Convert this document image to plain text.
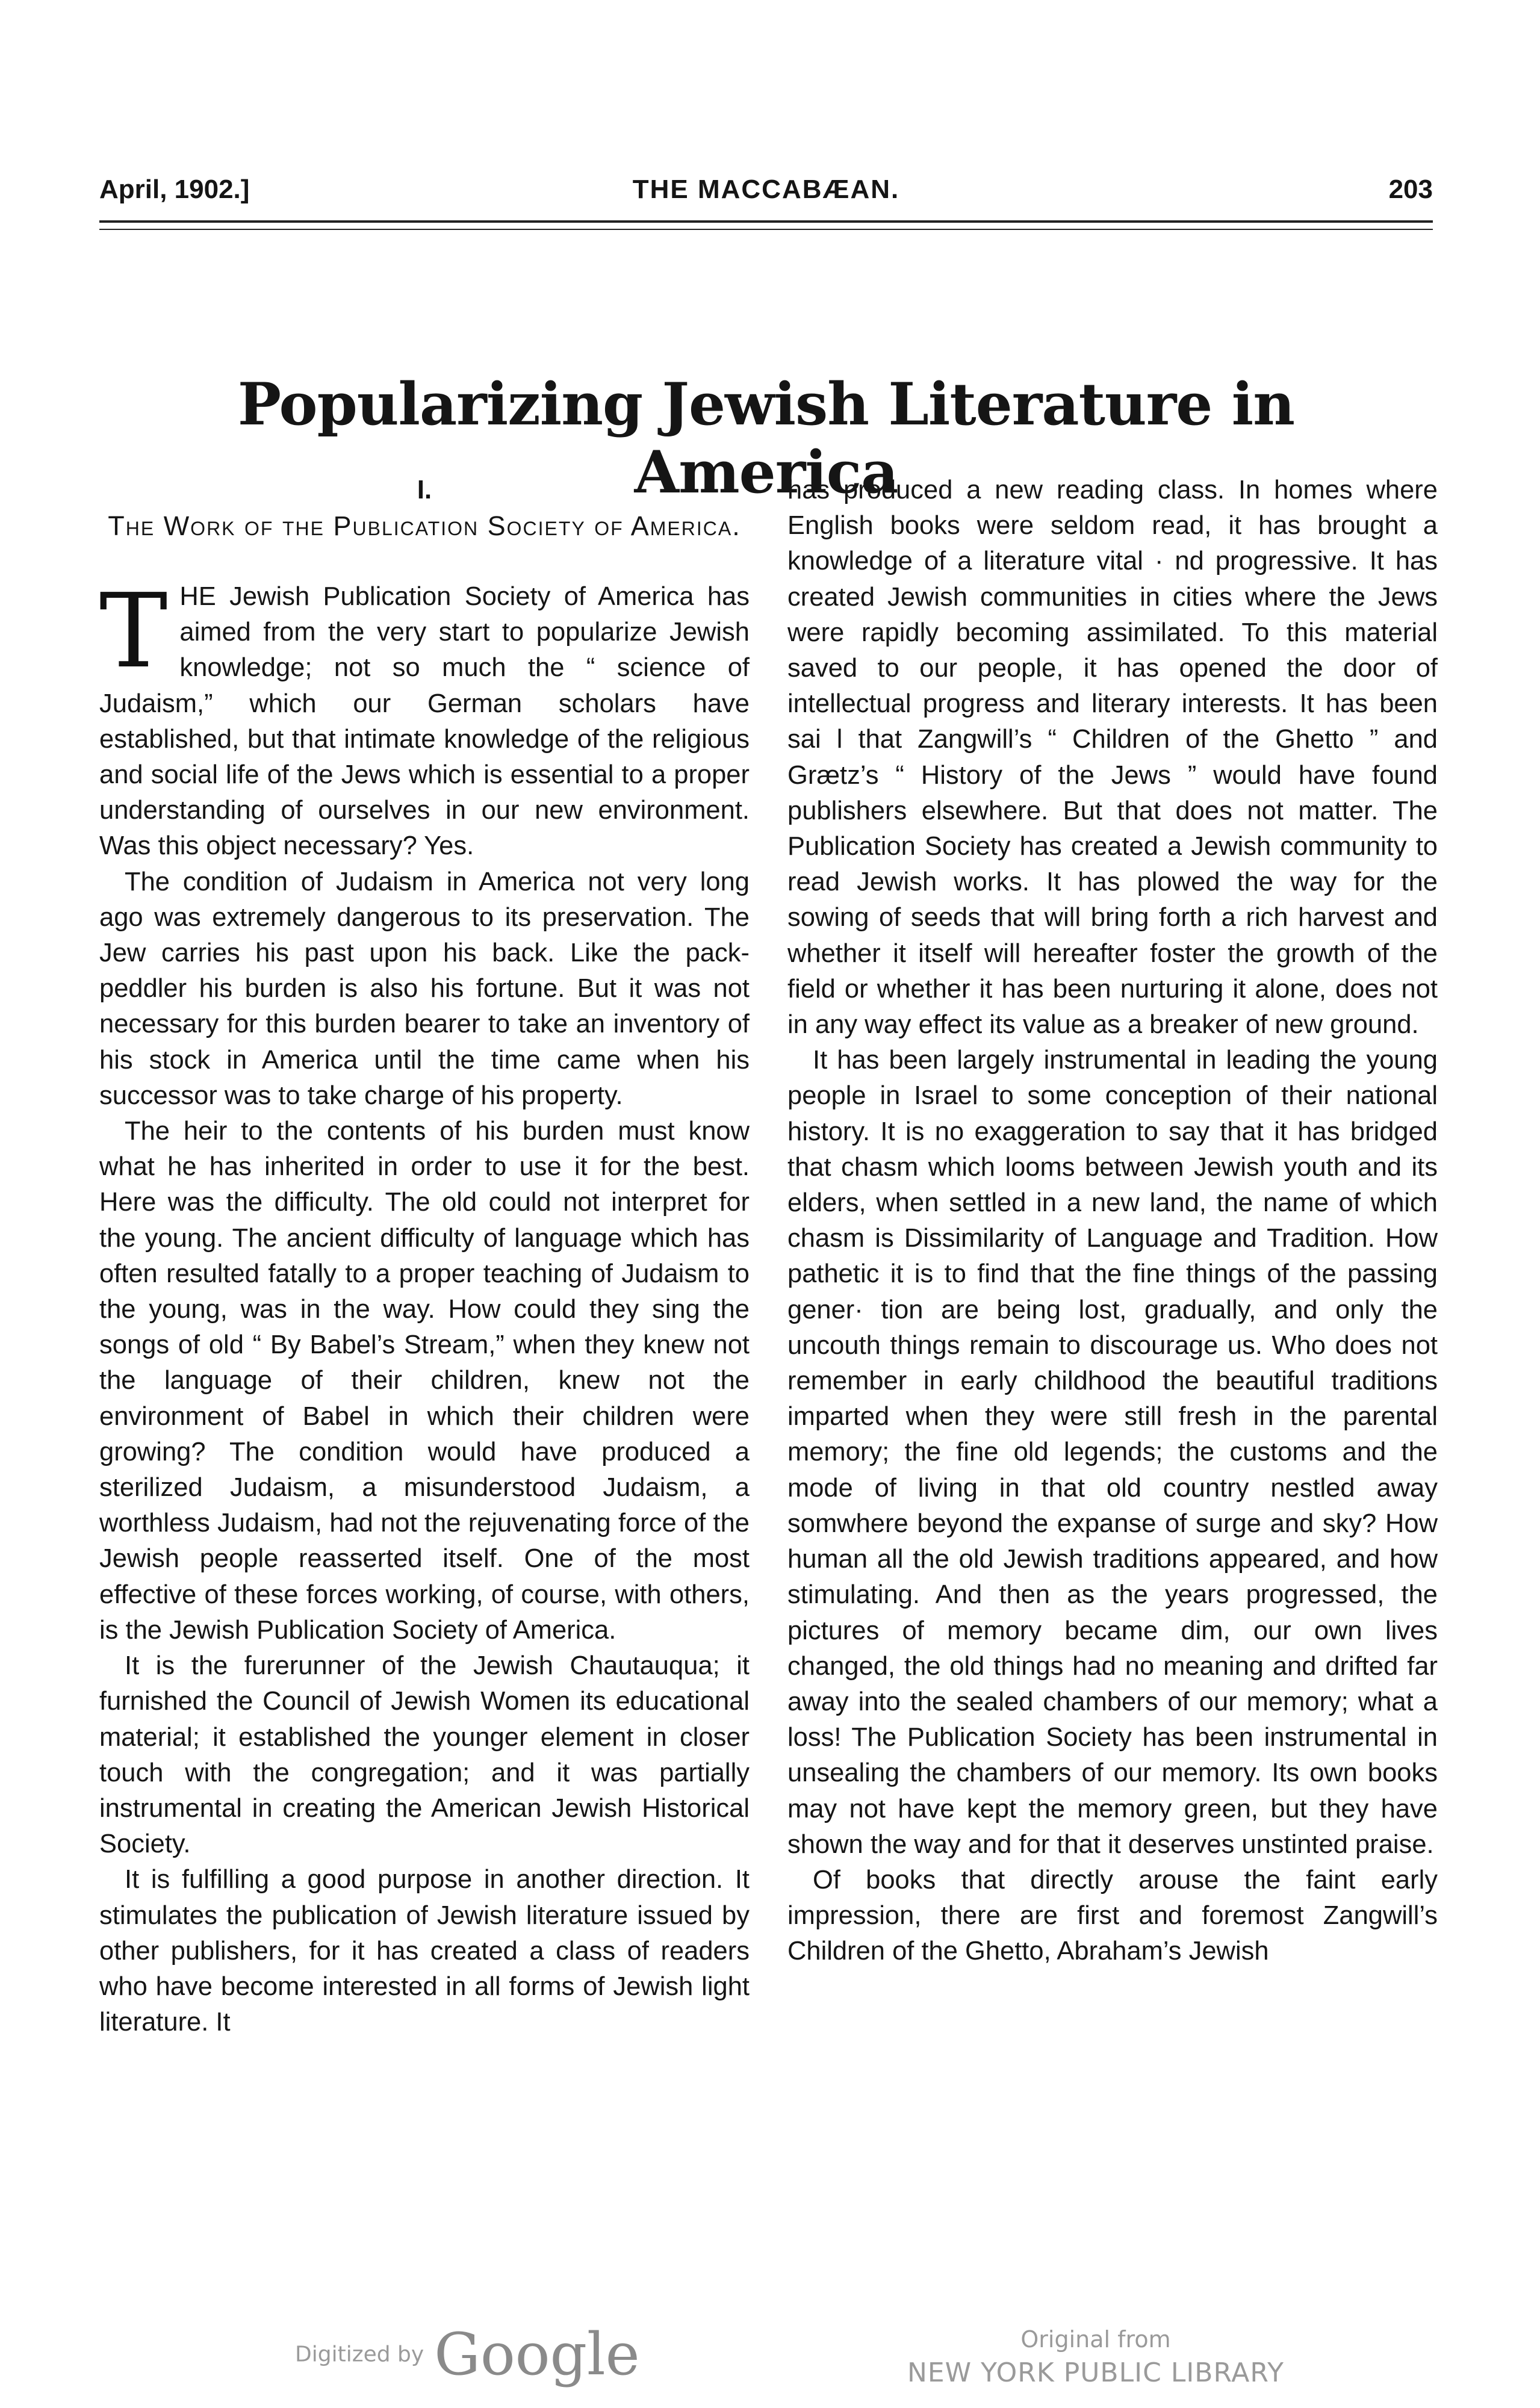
April, 1902.]	THE MACCABÆAN.	203
Popularizing Jewish Literature in America

I.

The Work of the Publication Society of America.

T HE Jewish Publication Society of America has aimed from the very start to popularize Jewish knowledge; not so much the “ science of Judaism,” which our German scholars have established, but that intimate knowledge of the religious and social life of the Jews which is essential to a proper understanding of ourselves in our new environment. Was this object necessary? Yes.

The condition of Judaism in America not very long ago was extremely dangerous to its preservation. The Jew carries his past upon his back. Like the pack-peddler his burden is also his fortune. But it was not necessary for this burden bearer to take an inventory of his stock in America until the time came when his successor was to take charge of his property.

The heir to the contents of his burden must know what he has inherited in order to use it for the best. Here was the difficulty. The old could not interpret for the young. The ancient difficulty of language which has often resulted fatally to a proper teaching of Judaism to the young, was in the way. How could they sing the songs of old “ By Babel’s Stream,” when they knew not the language of their children, knew not the environment of Babel in which their children were growing? The condition would have produced a sterilized Judaism, a misunderstood Judaism, a worthless Judaism, had not the rejuvenating force of the Jewish people reasserted itself. One of the most effective of these forces working, of course, with others, is the Jewish Publication Society of America.

It is the furerunner of the Jewish Chautauqua; it furnished the Council of Jewish Women its educational material; it established the younger element in closer touch with the congregation; and it was partially instrumental in creating the American Jewish Historical Society.

It is fulfilling a good purpose in another direction. It stimulates the publication of Jewish literature issued by other publishers, for it has created a class of readers who have become interested in all forms of Jewish light literature. It

has produced a new reading class. In homes where English books were seldom read, it has brought a knowledge of a literature vital · nd progressive. It has created Jewish communities in cities where the Jews were rapidly becoming assimilated. To this material saved to our people, it has opened the door of intellectual progress and literary interests. It has been sai l that Zangwill’s “ Children of the Ghetto ” and Grætz’s “ History of the Jews ” would have found publishers elsewhere. But that does not matter. The Publication Society has created a Jewish community to read Jewish works. It has plowed the way for the sowing of seeds that will bring forth a rich harvest and whether it itself will hereafter foster the growth of the field or whether it has been nurturing it alone, does not in any way effect its value as a breaker of new ground.

It has been largely instrumental in leading the young people in Israel to some conception of their national history. It is no exaggeration to say that it has bridged that chasm which looms between Jewish youth and its elders, when settled in a new land, the name of which chasm is Dissimilarity of Language and Tradition. How pathetic it is to find that the fine things of the passing gener· tion are being lost, gradually, and only the uncouth things remain to discourage us. Who does not remember in early childhood the beautiful traditions imparted when they were still fresh in the parental memory; the fine old legends; the customs and the mode of living in that old country nestled away somwhere beyond the expanse of surge and sky? How human all the old Jewish traditions appeared, and how stimulating. And then as the years progressed, the pictures of memory became dim, our own lives changed, the old things had no meaning and drifted far away into the sealed chambers of our memory; what a loss! The Publication Society has been instrumental in unsealing the chambers of our memory. Its own books may not have kept the memory green, but they have shown the way and for that it deserves unstinted praise.

Of books that directly arouse the faint early impression, there are first and foremost Zangwill’s Children of the Ghetto, Abraham’s Jewish

Digitized by Google	Original from
NEW YORK PUBLIC LIBRARY
